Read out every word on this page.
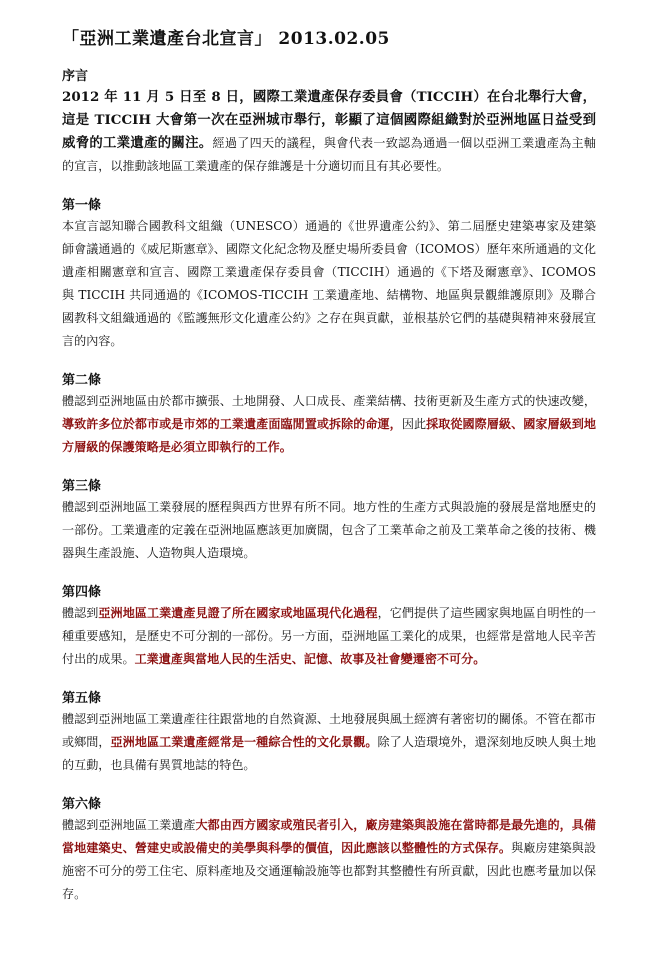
「亞洲工業遺產台北宣言」 2013.02.05
序言

2012 年 11 月 5 日至 8 日，國際工業遺產保存委員會（TICCIH）在台北舉行大會，這是 TICCIH 大會第一次在亞洲城市舉行，彰顯了這個國際組織對於亞洲地區日益受到威脅的工業遺產的關注。經過了四天的議程，與會代表一致認為通過一個以亞洲工業遺產為主軸的宣言，以推動該地區工業遺產的保存維護是十分適切而且有其必要性。

第一條

本宣言認知聯合國教科文組織（UNESCO）通過的《世界遺產公約》、第二屆歷史建築專家及建築師會議通過的《威尼斯憲章》、國際文化紀念物及歷史場所委員會（ICOMOS）歷年來所通過的文化遺產相關憲章和宣言、國際工業遺產保存委員會（TICCIH）通過的《下塔及爾憲章》、ICOMOS 與 TICCIH 共同通過的《ICOMOS-TICCIH 工業遺產地、結構物、地區與景觀維護原則》及聯合國教科文組織通過的《監護無形文化遺產公約》之存在與貢獻，並根基於它們的基礎與精神來發展宣言的內容。

第二條

體認到亞洲地區由於都市擴張、土地開發、人口成長、產業結構、技術更新及生產方式的快速改變，導致許多位於都市或是市郊的工業遺產面臨閒置或拆除的命運，因此採取從國際層級、國家層級到地方層級的保護策略是必須立即執行的工作。

第三條

體認到亞洲地區工業發展的歷程與西方世界有所不同。地方性的生產方式與設施的發展是當地歷史的一部份。工業遺產的定義在亞洲地區應該更加廣闊，包含了工業革命之前及工業革命之後的技術、機器與生產設施、人造物與人造環境。

第四條

體認到亞洲地區工業遺產見證了所在國家或地區現代化過程，它們提供了這些國家與地區自明性的一種重要感知，是歷史不可分割的一部份。另一方面，亞洲地區工業化的成果，也經常是當地人民辛苦付出的成果。工業遺產與當地人民的生活史、記憶、故事及社會變遷密不可分。

第五條

體認到亞洲地區工業遺產往往跟當地的自然資源、土地發展與風土經濟有著密切的關係。不管在都市或鄉間，亞洲地區工業遺產經常是一種綜合性的文化景觀。除了人造環境外，還深刻地反映人與土地的互動，也具備有異質地誌的特色。

第六條

體認到亞洲地區工業遺產大都由西方國家或殖民者引入，廠房建築與設施在當時都是最先進的，具備當地建築史、營建史或設備史的美學與科學的價值，因此應該以整體性的方式保存。與廠房建築與設施密不可分的勞工住宅、原料產地及交通運輸設施等也都對其整體性有所貢獻，因此也應考量加以保存。
